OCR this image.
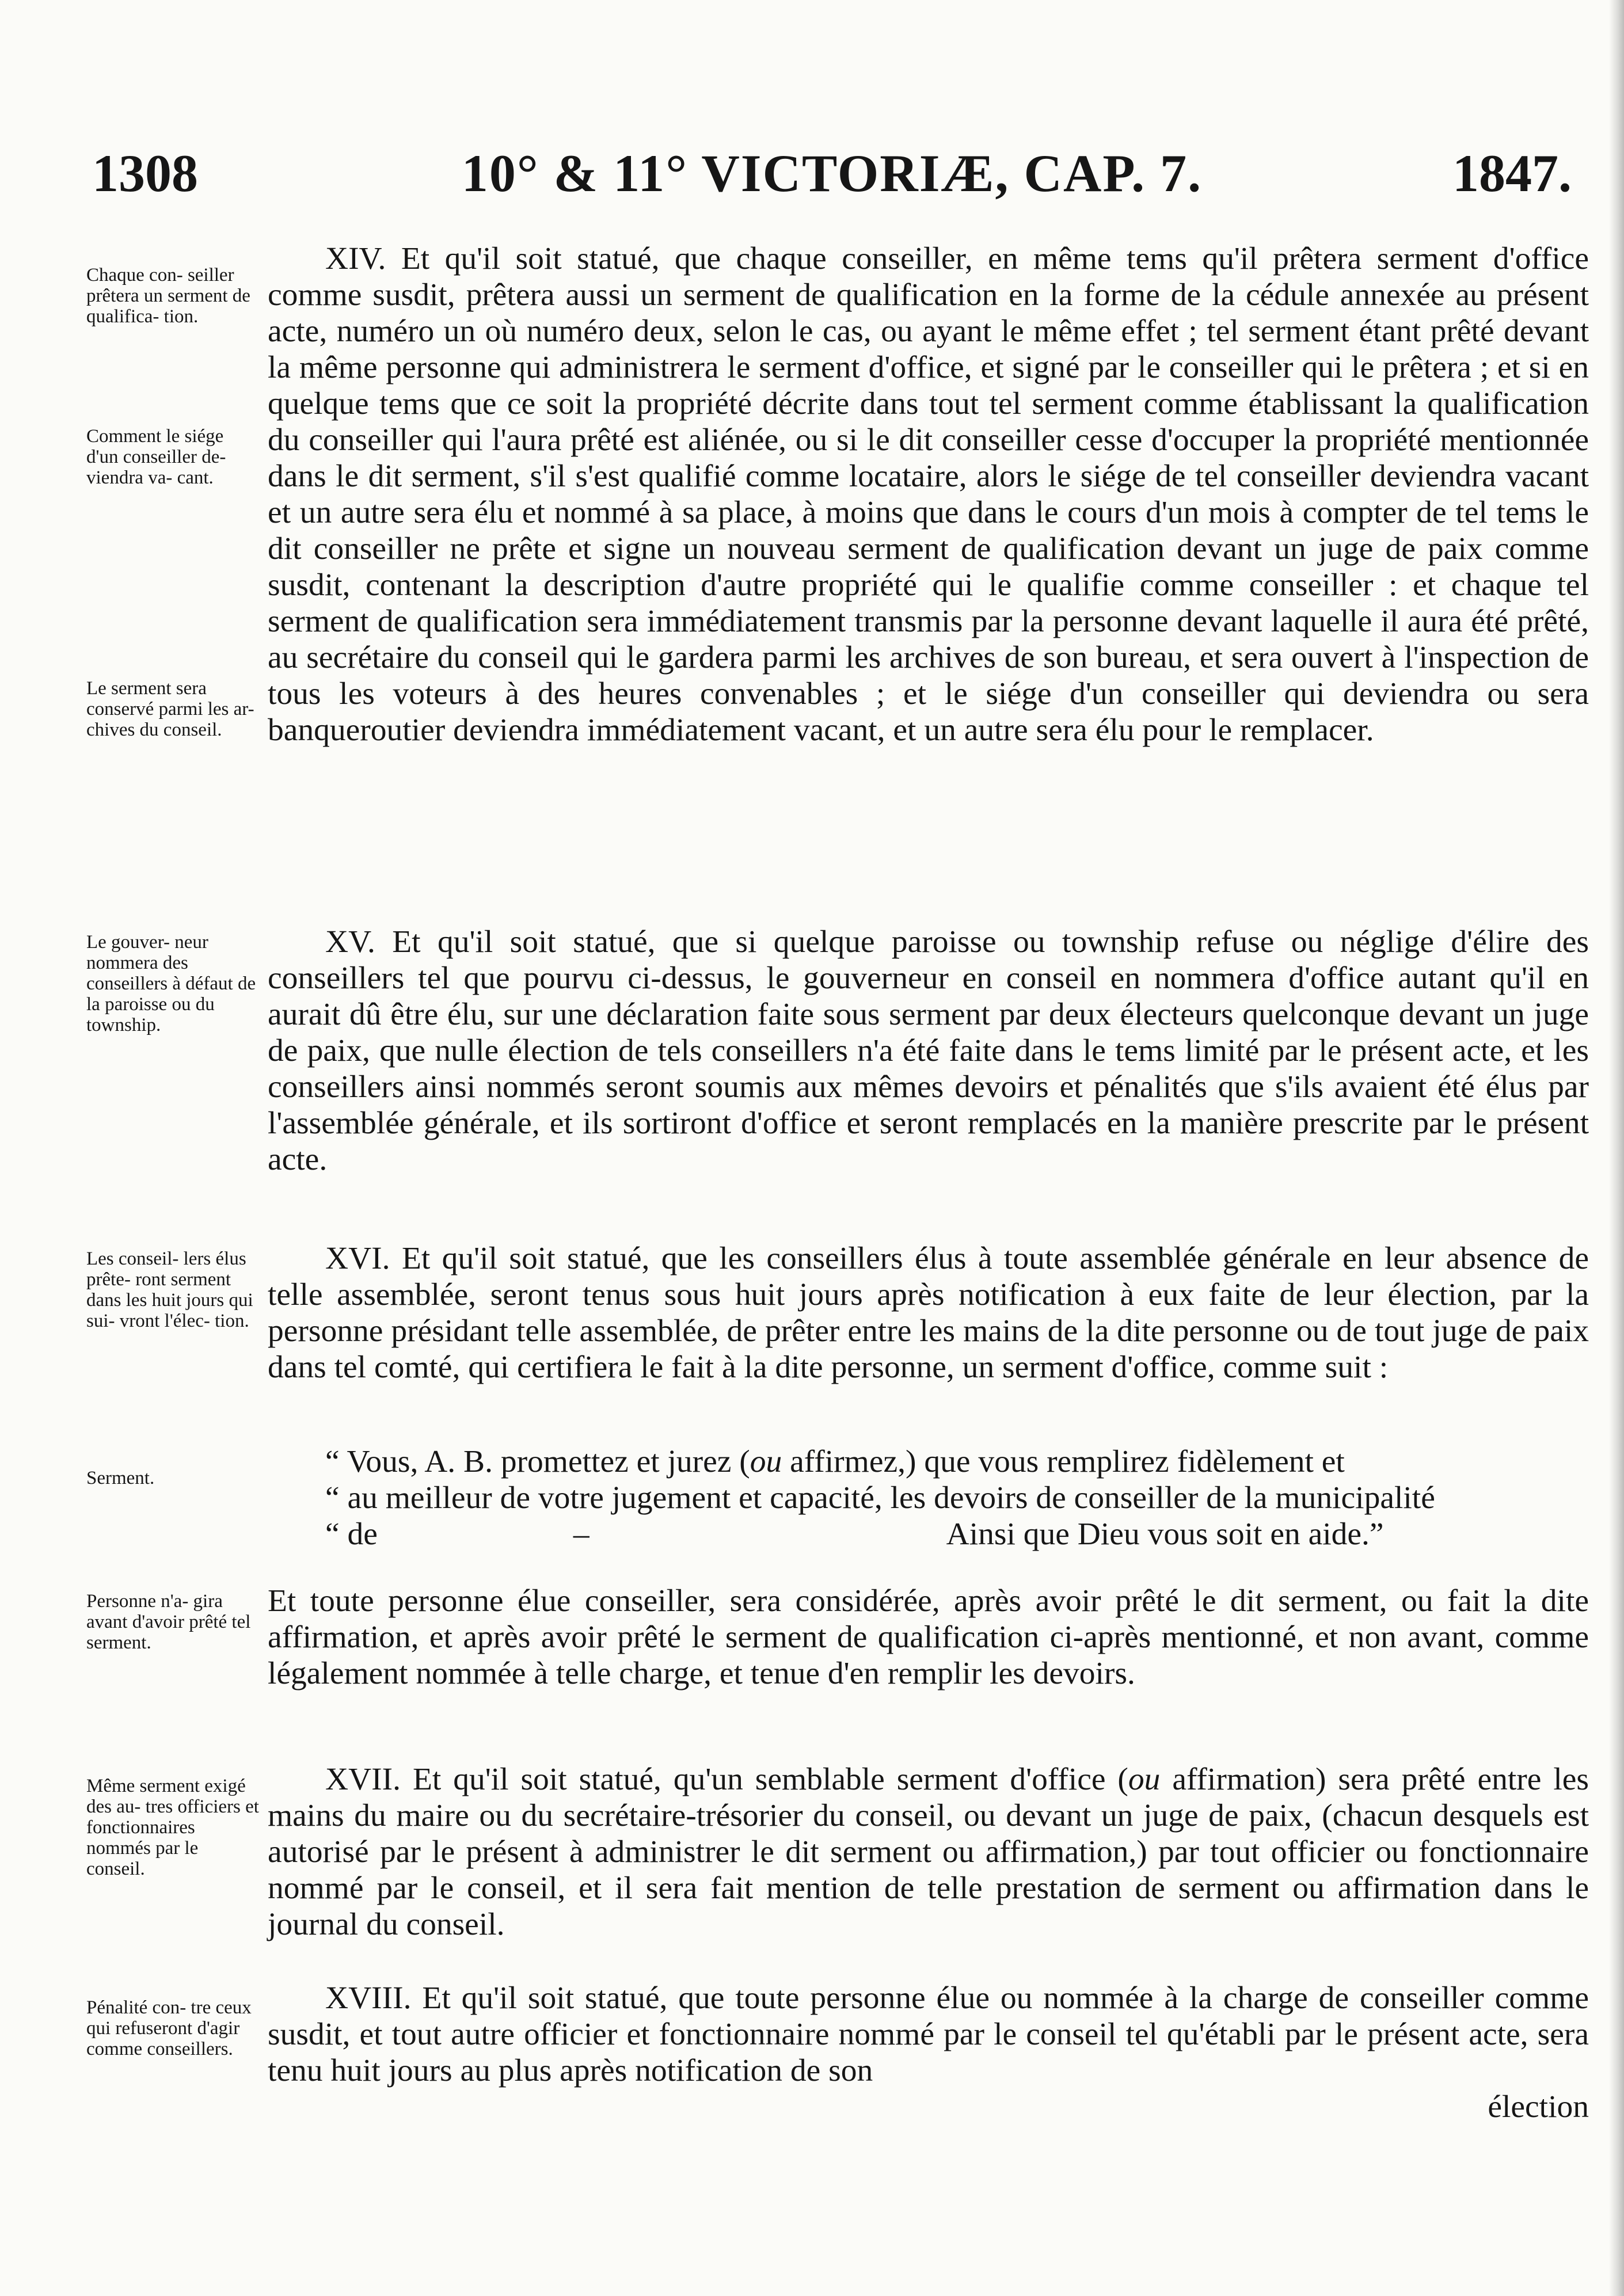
1308	10° & 11° VICTORIÆ, CAP. 7.	1847.
Chaque con- seiller prêtera un serment de qualifica- tion.
Comment le siége d'un conseiller de- viendra va- cant.
Le serment sera conservé parmi les ar- chives du conseil.
XIV. Et qu'il soit statué, que chaque conseiller, en même tems qu'il prêtera serment d'office comme susdit, prêtera aussi un serment de qualification en la forme de la cédule annexée au présent acte, numéro un où numéro deux, selon le cas, ou ayant le même effet ; tel serment étant prêté devant la même personne qui administrera le serment d'office, et signé par le conseiller qui le prêtera ; et si en quelque tems que ce soit la propriété décrite dans tout tel serment comme établissant la qualification du conseiller qui l'aura prêté est aliénée, ou si le dit conseiller cesse d'occuper la propriété mentionnée dans le dit serment, s'il s'est qualifié comme locataire, alors le siége de tel conseiller deviendra vacant et un autre sera élu et nommé à sa place, à moins que dans le cours d'un mois à compter de tel tems le dit conseiller ne prête et signe un nouveau serment de qualification devant un juge de paix comme susdit, contenant la description d'autre propriété qui le qualifie comme conseiller : et chaque tel serment de qualification sera immédiatement transmis par la personne devant laquelle il aura été prêté, au secrétaire du conseil qui le gardera parmi les archives de son bureau, et sera ouvert à l'inspection de tous les voteurs à des heures convenables ; et le siége d'un conseiller qui deviendra ou sera banqueroutier deviendra immédiatement vacant, et un autre sera élu pour le remplacer.
Le gouver- neur nommera des conseillers à défaut de la paroisse ou du township.
XV. Et qu'il soit statué, que si quelque paroisse ou township refuse ou néglige d'élire des conseillers tel que pourvu ci-dessus, le gouverneur en conseil en nommera d'office autant qu'il en aurait dû être élu, sur une déclaration faite sous serment par deux électeurs quelconque devant un juge de paix, que nulle élection de tels conseillers n'a été faite dans le tems limité par le présent acte, et les conseillers ainsi nommés seront soumis aux mêmes devoirs et pénalités que s'ils avaient été élus par l'assemblée générale, et ils sortiront d'office et seront remplacés en la manière prescrite par le présent acte.
Les conseil- lers élus prête- ront serment dans les huit jours qui sui- vront l'élec- tion.
XVI. Et qu'il soit statué, que les conseillers élus à toute assemblée générale en leur absence de telle assemblée, seront tenus sous huit jours après notification à eux faite de leur élection, par la personne présidant telle assemblée, de prêter entre les mains de la dite personne ou de tout juge de paix dans tel comté, qui certifiera le fait à la dite personne, un serment d'office, comme suit :
Serment.	“ Vous, A. B. promettez et jurez (ou affirmez,) que vous remplirez fidèlement et
“ au meilleur de votre jugement et capacité, les devoirs de conseiller de la municipalité
“ de	–	Ainsi que Dieu vous soit en aide.”
Personne n'a- gira avant d'avoir prêté tel serment.
Et toute personne élue conseiller, sera considérée, après avoir prêté le dit serment, ou fait la dite affirmation, et après avoir prêté le serment de qualification ci-après mentionné, et non avant, comme légalement nommée à telle charge, et tenue d'en remplir les devoirs.
Même serment exigé des au- tres officiers et fonctionnaires nommés par le conseil.
XVII. Et qu'il soit statué, qu'un semblable serment d'office (ou affirmation) sera prêté entre les mains du maire ou du secrétaire-trésorier du conseil, ou devant un juge de paix, (chacun desquels est autorisé par le présent à administrer le dit serment ou affirmation,) par tout officier ou fonctionnaire nommé par le conseil, et il sera fait mention de telle prestation de serment ou affirmation dans le journal du conseil.
Pénalité con- tre ceux qui refuseront d'agir comme conseillers.
XVIII. Et qu'il soit statué, que toute personne élue ou nommée à la charge de conseiller comme susdit, et tout autre officier et fonctionnaire nommé par le conseil tel qu'établi par le présent acte, sera tenu huit jours au plus après notification de son
élection
